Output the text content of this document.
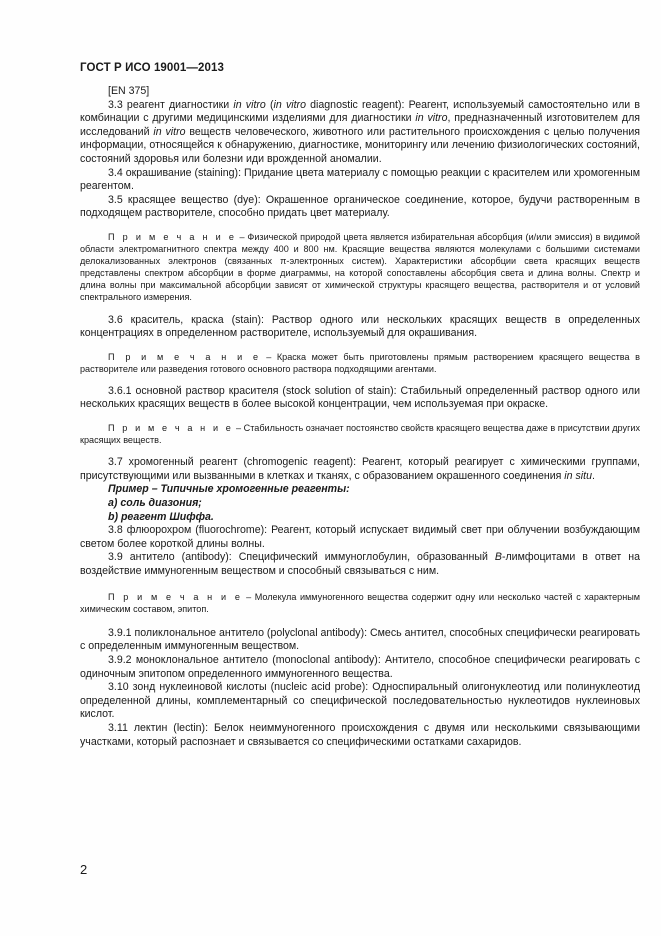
ГОСТ Р ИСО 19001—2013

[EN 375]

3.3 реагент диагностики in vitro (in vitro diagnostic reagent): Реагент, используемый самостоятельно или в комбинации с другими медицинскими изделиями для диагностики in vitro, предназначенный изготовителем для исследований in vitro веществ человеческого, животного или растительного происхождения с целью получения информации, относящейся к обнаружению, диагностике, мониторингу или лечению физиологических состояний, состояний здоровья или болезни иди врожденной аномалии.

3.4 окрашивание (staining): Придание цвета материалу с помощью реакции с красителем или хромогенным реагентом.

3.5 красящее вещество (dye): Окрашенное органическое соединение, которое, будучи растворенным в подходящем растворителе, способно придать цвет материалу.

П р и м е ч а н и е – Физической природой цвета является избирательная абсорбция (и/или эмиссия) в видимой области электромагнитного спектра между 400 и 800 нм. Красящие вещества являются молекулами с большими системами делокализованных электронов (связанных π-электронных систем). Характеристики абсорбции света красящих веществ представлены спектром абсорбции в форме диаграммы, на которой сопоставлены абсорбция света и длина волны. Спектр и длина волны при максимальной абсорбции зависят от химической структуры красящего вещества, растворителя и от условий спектрального измерения.

3.6 краситель, краска (stain): Раствор одного или нескольких красящих веществ в определенных концентрациях в определенном растворителе, используемый для окрашивания.

П р и м е ч а н и е – Краска может быть приготовлены прямым растворением красящего вещества в растворителе или разведения готового основного раствора подходящими агентами.

3.6.1 основной раствор красителя (stock solution of stain): Стабильный определенный раствор одного или нескольких красящих веществ в более высокой концентрации, чем используемая при окраске.

П р и м е ч а н и е – Стабильность означает постоянство свойств красящего вещества даже в присутствии других красящих веществ.

3.7 хромогенный реагент (chromogenic reagent): Реагент, который реагирует с химическими группами, присутствующими или вызванными в клетках и тканях, с образованием окрашенного соединения in situ.

Пример – Типичные хромогенные реагенты:

а) соль диазония;

b) реагент Шиффа.

3.8 флюорохром (fluorochrome): Реагент, который испускает видимый свет при облучении возбуждающим светом более короткой длины волны.

3.9 антитело (antibody): Специфический иммуноглобулин, образованный В-лимфоцитами в ответ на воздействие иммуногенным веществом и способный связываться с ним.

П р и м е ч а н и е – Молекула иммуногенного вещества содержит одну или несколько частей с характерным химическим составом, эпитоп.

3.9.1 поликлональное антитело (polyclonal antibody): Смесь антител, способных специфически реагировать с определенным иммуногенным веществом.

3.9.2 моноклональное антитело (monoclonal antibody): Антитело, способное специфически реагировать с одиночным эпитопом определенного иммуногенного вещества.

3.10 зонд нуклеиновой кислоты (nucleic acid probe): Односпиральный олигонуклеотид или полинуклеотид определенной длины, комплементарный со специфической последовательностью нуклеотидов нуклеиновых кислот.

3.11 лектин (lectin): Белок неиммуногенного происхождения с двумя или несколькими связывающими участками, который распознает и связывается со специфическими остатками сахаридов.

2
